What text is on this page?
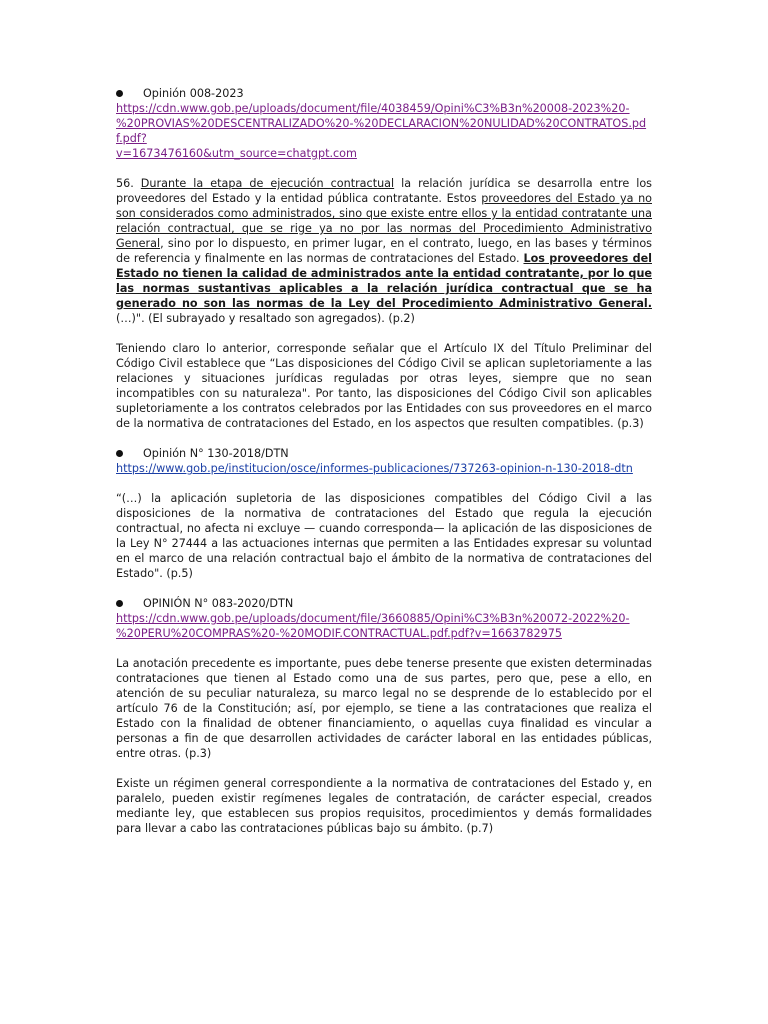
Opinión 008-2023
https://cdn.www.gob.pe/uploads/document/file/4038459/Opini%C3%B3n%20008-2023%20-
%20PROVIAS%20DESCENTRALIZADO%20-%20DECLARACION%20NULIDAD%20CONTRATOS.pdf.pdf?
v=1673476160&utm_source=chatgpt.com

56. Durante la etapa de ejecución contractual la relación jurídica se desarrolla entre los proveedores del Estado y la entidad pública contratante. Estos proveedores del Estado ya no son considerados como administrados, sino que existe entre ellos y la entidad contratante una relación contractual, que se rige ya no por las normas del Procedimiento Administrativo General, sino por lo dispuesto, en primer lugar, en el contrato, luego, en las bases y términos de referencia y finalmente en las normas de contrataciones del Estado. Los proveedores del Estado no tienen la calidad de administrados ante la entidad contratante, por lo que las normas sustantivas aplicables a la relación jurídica contractual que se ha generado no son las normas de la Ley del Procedimiento Administrativo General. (…)". (El subrayado y resaltado son agregados). (p.2)

Teniendo claro lo anterior, corresponde señalar que el Artículo IX del Título Preliminar del Código Civil establece que “Las disposiciones del Código Civil se aplican supletoriamente a las relaciones y situaciones jurídicas reguladas por otras leyes, siempre que no sean incompatibles con su naturaleza". Por tanto, las disposiciones del Código Civil son aplicables supletoriamente a los contratos celebrados por las Entidades con sus proveedores en el marco de la normativa de contrataciones del Estado, en los aspectos que resulten compatibles. (p.3)

Opinión N° 130-2018/DTN
https://www.gob.pe/institucion/osce/informes-publicaciones/737263-opinion-n-130-2018-dtn

“(…) la aplicación supletoria de las disposiciones compatibles del Código Civil a las disposiciones de la normativa de contrataciones del Estado que regula la ejecución contractual, no afecta ni excluye — cuando corresponda— la aplicación de las disposiciones de la Ley N° 27444 a las actuaciones internas que permiten a las Entidades expresar su voluntad en el marco de una relación contractual bajo el ámbito de la normativa de contrataciones del Estado". (p.5)

OPINIÓN N° 083-2020/DTN
https://cdn.www.gob.pe/uploads/document/file/3660885/Opini%C3%B3n%20072-2022%20-
%20PERU%20COMPRAS%20-%20MODIF.CONTRACTUAL.pdf.pdf?v=1663782975

La anotación precedente es importante, pues debe tenerse presente que existen determinadas contrataciones que tienen al Estado como una de sus partes, pero que, pese a ello, en atención de su peculiar naturaleza, su marco legal no se desprende de lo establecido por el artículo 76 de la Constitución; así, por ejemplo, se tiene a las contrataciones que realiza el Estado con la finalidad de obtener financiamiento, o aquellas cuya finalidad es vincular a personas a fin de que desarrollen actividades de carácter laboral en las entidades públicas, entre otras. (p.3)

Existe un régimen general correspondiente a la normativa de contrataciones del Estado y, en paralelo, pueden existir regímenes legales de contratación, de carácter especial, creados mediante ley, que establecen sus propios requisitos, procedimientos y demás formalidades para llevar a cabo las contrataciones públicas bajo su ámbito. (p.7)
